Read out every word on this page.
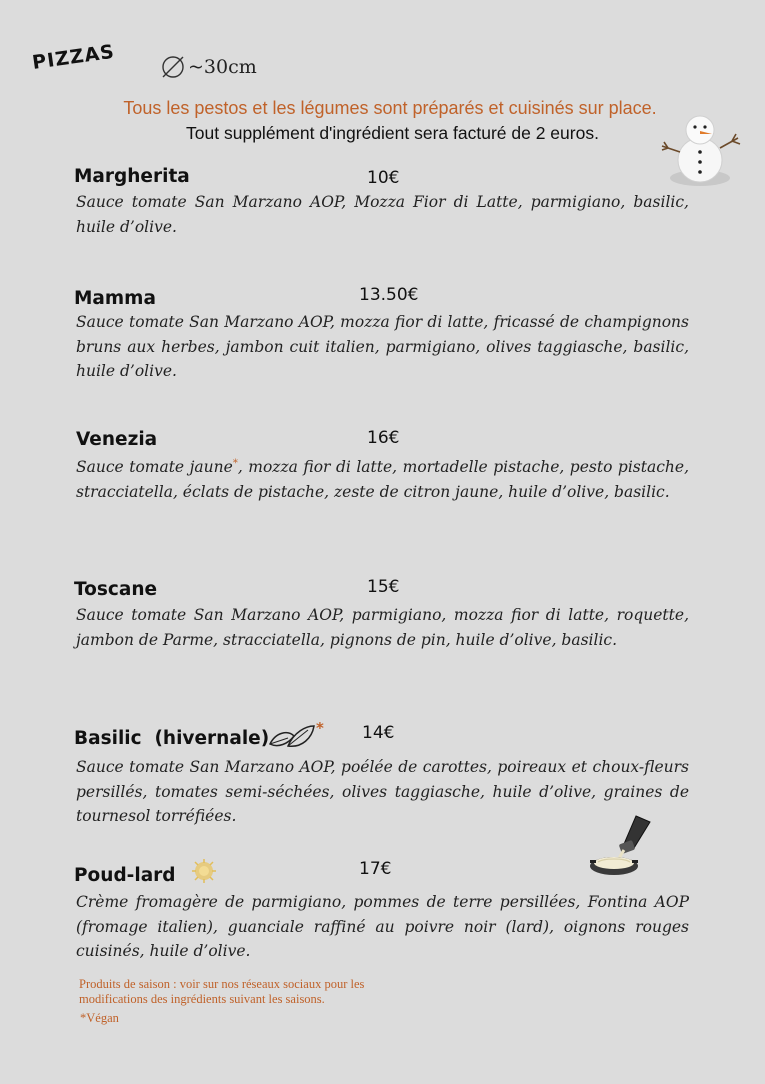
PIZZAS	~30cm
Tous les pestos et les légumes sont préparés et cuisinés sur place.
Tout supplément d'ingrédient sera facturé de 2 euros.
Margherita	10€
Sauce tomate San Marzano AOP, Mozza Fior di Latte, parmigiano, basilic, huile d’olive.
Mamma	13.50€
Sauce tomate San Marzano AOP, mozza fior di latte, fricassé de champignons bruns aux herbes, jambon cuit italien, parmigiano, olives taggiasche, basilic, huile d’olive.
Venezia	16€
Sauce tomate jaune*, mozza fior di latte, mortadelle pistache, pesto pistache, stracciatella, éclats de pistache, zeste de citron jaune, huile d’olive, basilic.
Toscane	15€
Sauce tomate San Marzano AOP, parmigiano, mozza fior di latte, roquette, jambon de Parme, stracciatella, pignons de pin, huile d’olive, basilic.
Basilic  (hivernale)	* 14€
Sauce tomate San Marzano AOP, poélée de carottes, poireaux et choux-fleurs persillés, tomates semi-séchées, olives taggiasche, huile d’olive, graines de tournesol torréfiées.
Poud-lard	17€
Crème fromagère de parmigiano, pommes de terre persillées, Fontina AOP (fromage italien), guanciale raffiné au poivre noir (lard), oignons rouges cuisinés, huile d’olive.
Produits de saison : voir sur nos réseaux sociaux pour les modifications des ingrédients suivant les saisons.
*Végan
